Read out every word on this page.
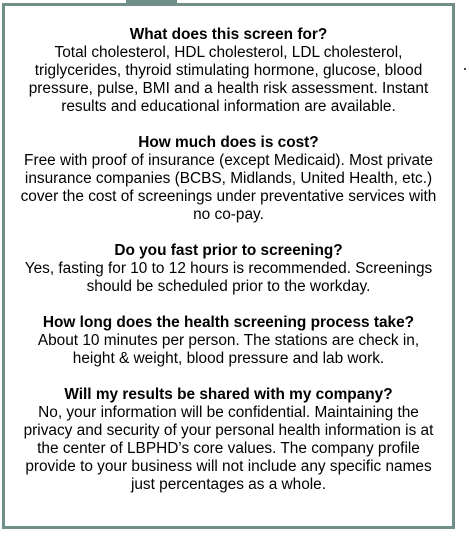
What does this screen for?

Total cholesterol, HDL cholesterol, LDL cholesterol,
triglycerides, thyroid stimulating hormone, glucose, blood
pressure, pulse, BMI and a health risk assessment. Instant
results and educational information are available.

How much does is cost?

Free with proof of insurance (except Medicaid). Most private
insurance companies (BCBS, Midlands, United Health, etc.)
cover the cost of screenings under preventative services with
no co-pay.

Do you fast prior to screening?

Yes, fasting for 10 to 12 hours is recommended. Screenings
should be scheduled prior to the workday.

How long does the health screening process take?

About 10 minutes per person. The stations are check in,
height & weight, blood pressure and lab work.

Will my results be shared with my company?

No, your information will be confidential. Maintaining the
privacy and security of your personal health information is at
the center of LBPHD’s core values. The company profile
provide to your business will not include any specific names
just percentages as a whole.
